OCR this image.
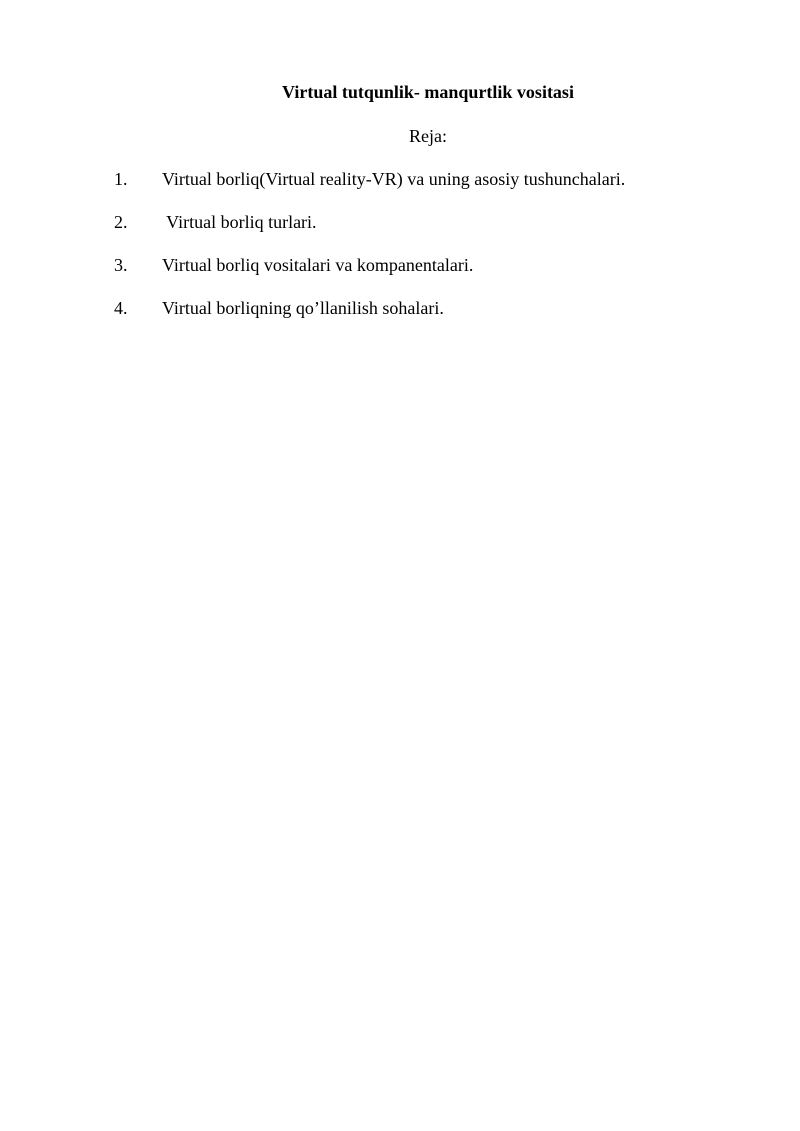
Virtual tutqunlik- manqurtlik vositasi

Reja:

1.	Virtual borliq(Virtual reality-VR) va uning asosiy tushunchalari.
2.	Virtual borliq turlari.
3.	Virtual borliq vositalari va kompanentalari.
4.	Virtual borliqning qo’llanilish sohalari.
